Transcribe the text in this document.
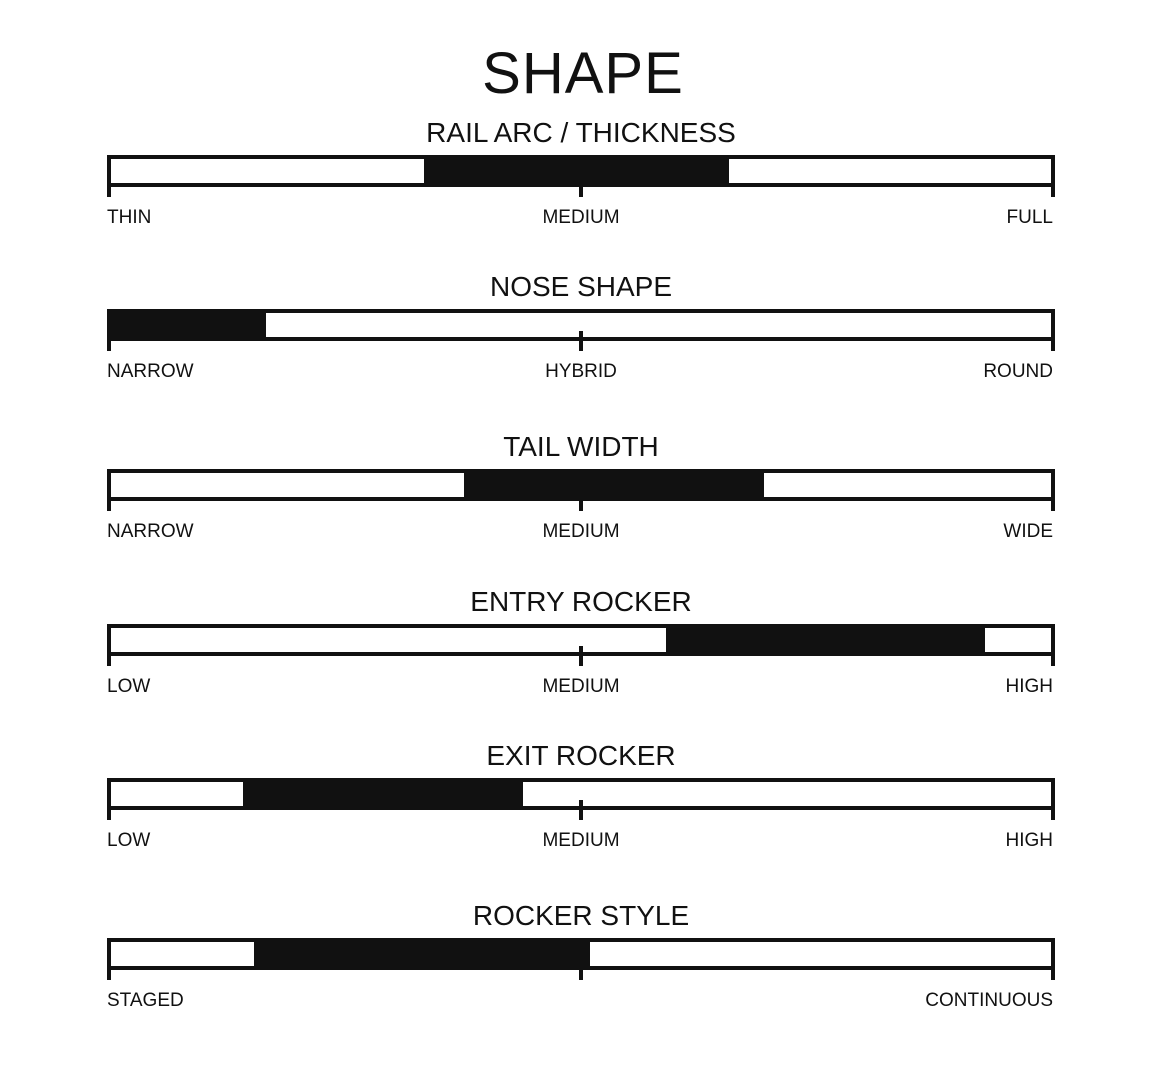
SHAPE
RAIL ARC / THICKNESS
THIN	MEDIUM	FULL
NOSE SHAPE
NARROW	HYBRID	ROUND
TAIL WIDTH
NARROW	MEDIUM	WIDE
ENTRY ROCKER
LOW	MEDIUM	HIGH
EXIT ROCKER
LOW	MEDIUM	HIGH
ROCKER STYLE
STAGED	CONTINUOUS
